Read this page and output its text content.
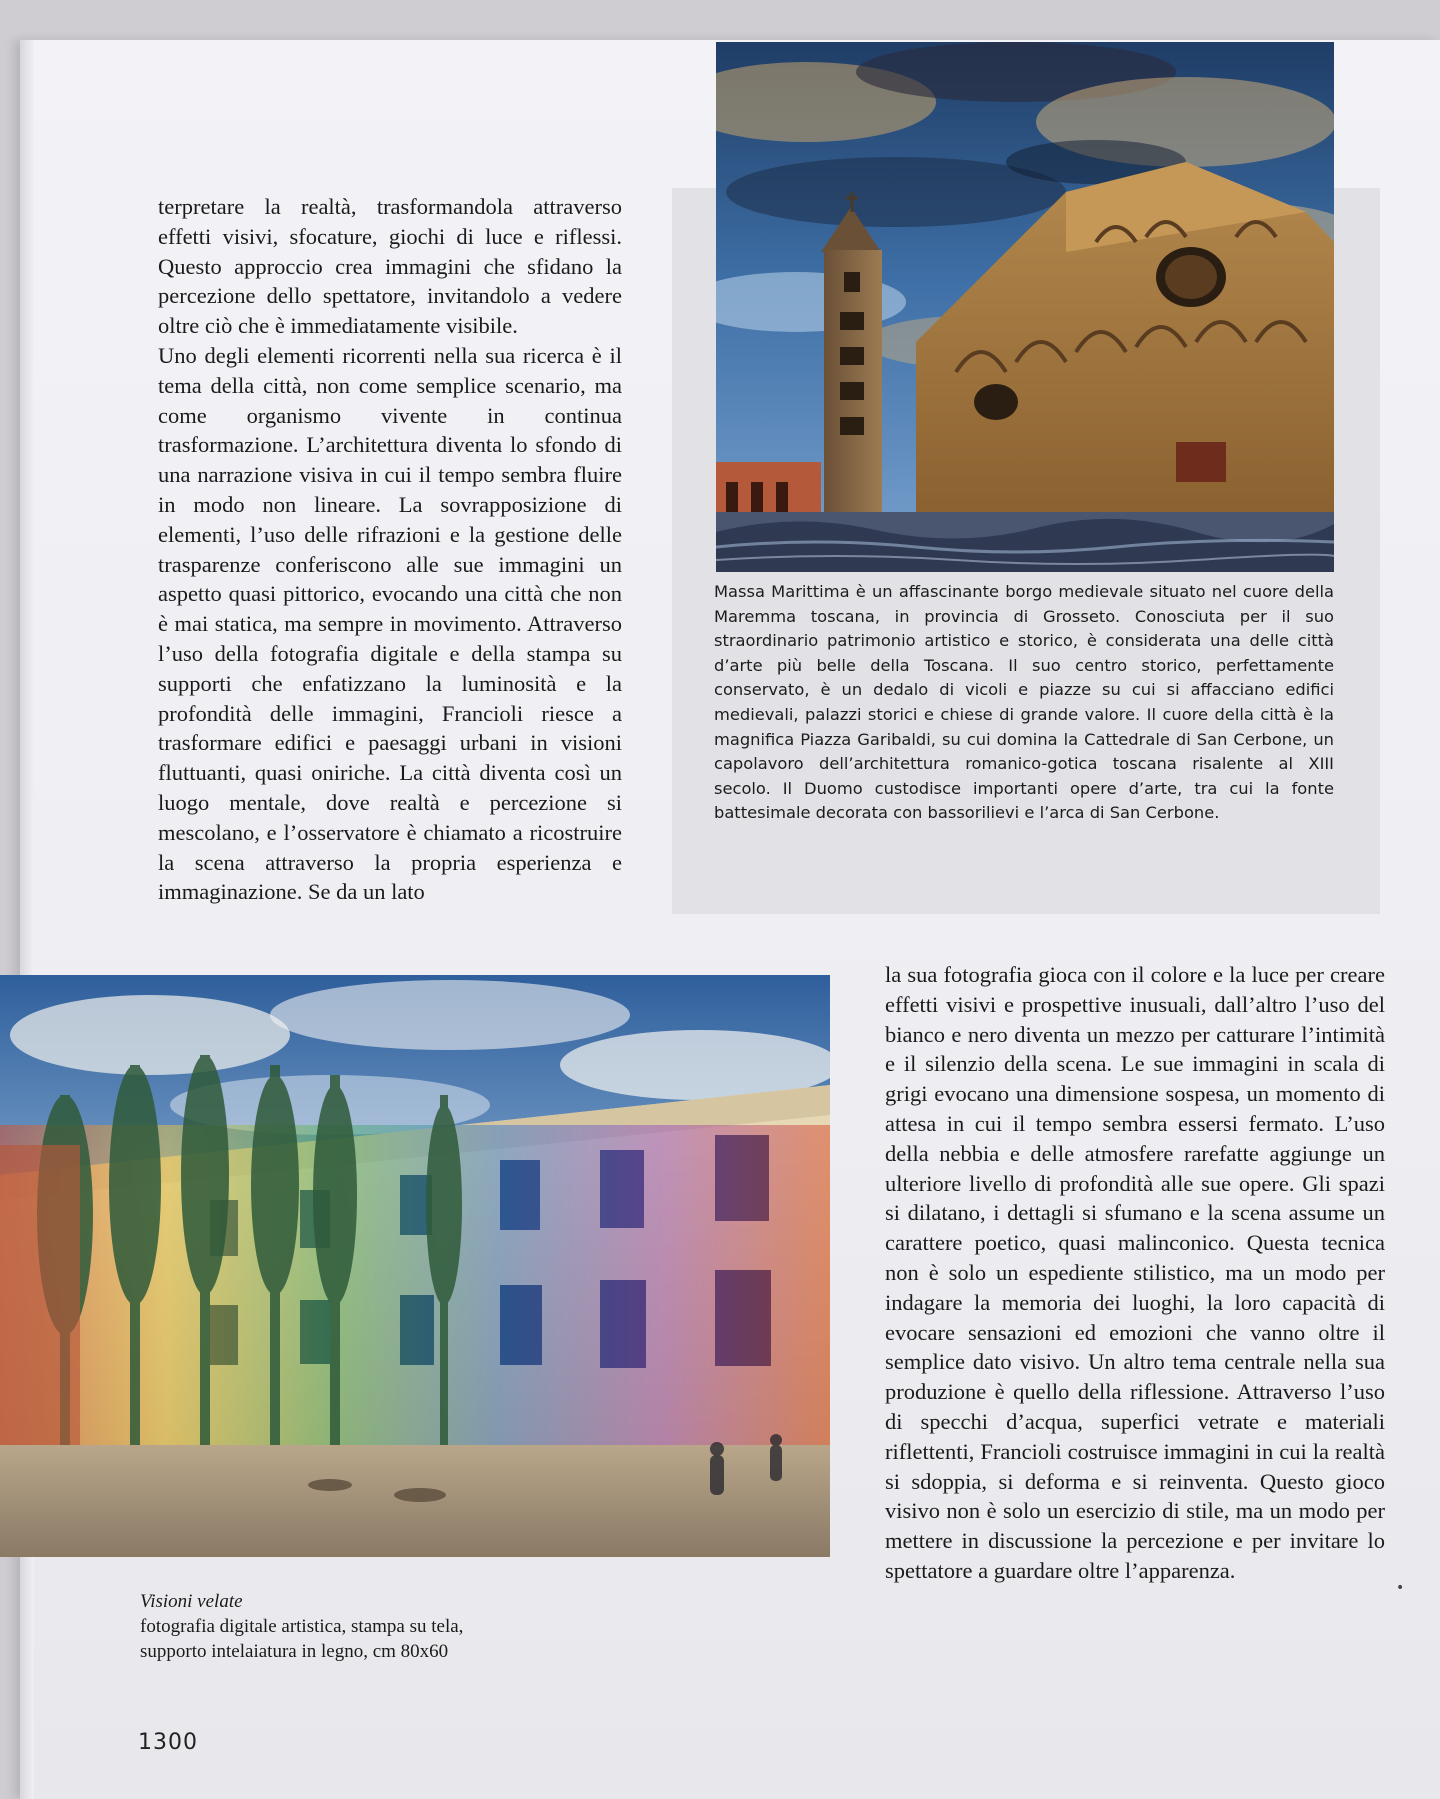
terpretare la realtà, trasformandola attraverso effetti visivi, sfocature, giochi di luce e riflessi. Questo approccio crea immagini che sfidano la percezione dello spettatore, invitandolo a vedere oltre ciò che è immediatamente visibile.

Uno degli elementi ricorrenti nella sua ricerca è il tema della città, non come semplice scenario, ma come organismo vivente in continua trasformazione. L’architettura diventa lo sfondo di una narrazione visiva in cui il tempo sembra fluire in modo non lineare. La sovrapposizione di elementi, l’uso delle rifrazioni e la gestione delle trasparenze conferiscono alle sue immagini un aspetto quasi pittorico, evocando una città che non è mai statica, ma sempre in movimento. Attraverso l’uso della fotografia digitale e della stampa su supporti che enfatizzano la luminosità e la profondità delle immagini, Francioli riesce a trasformare edifici e paesaggi urbani in visioni fluttuanti, quasi oniriche. La città diventa così un luogo mentale, dove realtà e percezione si mescolano, e l’osservatore è chiamato a ricostruire la scena attraverso la propria esperienza e immaginazione. Se da un lato

Massa Marittima è un affascinante borgo medievale situato nel cuore della Maremma toscana, in provincia di Grosseto. Conosciuta per il suo straordinario patrimonio artistico e storico, è considerata una delle città d’arte più belle della Toscana. Il suo centro storico, perfettamente conservato, è un dedalo di vicoli e piazze su cui si affacciano edifici medievali, palazzi storici e chiese di grande valore. Il cuore della città è la magnifica Piazza Garibaldi, su cui domina la Cattedrale di San Cerbone, un capolavoro dell’architettura romanico-gotica toscana risalente al XIII secolo. Il Duomo custodisce importanti opere d’arte, tra cui la fonte battesimale decorata con bassorilievi e l’arca di San Cerbone.

Visioni velate
fotografia digitale artistica, stampa su tela,
supporto intelaiatura in legno, cm 80x60

la sua fotografia gioca con il colore e la luce per creare effetti visivi e prospettive inusuali, dall’altro l’uso del bianco e nero diventa un mezzo per catturare l’intimità e il silenzio della scena. Le sue immagini in scala di grigi evocano una dimensione sospesa, un momento di attesa in cui il tempo sembra essersi fermato. L’uso della nebbia e delle atmosfere rarefatte aggiunge un ulteriore livello di profondità alle sue opere. Gli spazi si dilatano, i dettagli si sfumano e la scena assume un carattere poetico, quasi malinconico. Questa tecnica non è solo un espediente stilistico, ma un modo per indagare la memoria dei luoghi, la loro capacità di evocare sensazioni ed emozioni che vanno oltre il semplice dato visivo. Un altro tema centrale nella sua produzione è quello della riflessione. Attraverso l’uso di specchi d’acqua, superfici vetrate e materiali riflettenti, Francioli costruisce immagini in cui la realtà si sdoppia, si deforma e si reinventa. Questo gioco visivo non è solo un esercizio di stile, ma un modo per mettere in discussione la percezione e per invitare lo spettatore a guardare oltre l’apparenza.

•
1300
